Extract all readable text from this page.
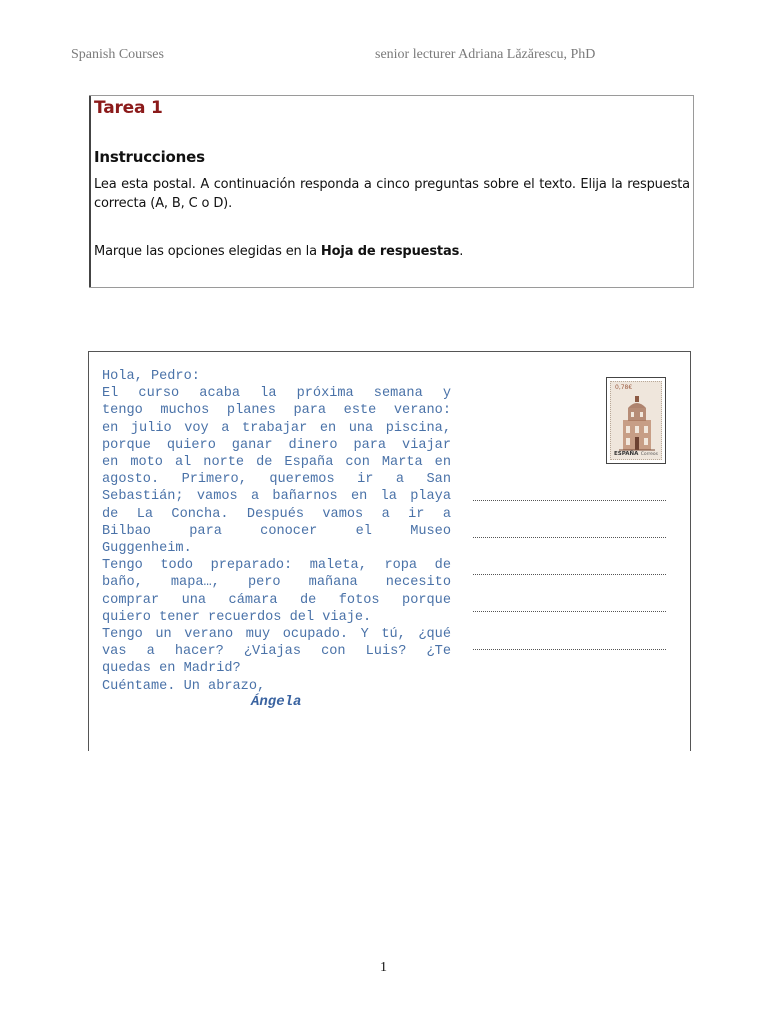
Spanish Courses	senior lecturer Adriana Lăzărescu, PhD
Tarea 1
Instrucciones
Lea esta postal. A continuación responda a cinco preguntas sobre el texto. Elija la respuesta correcta (A, B, C o D).
Marque las opciones elegidas en la Hoja de respuestas.
Hola, Pedro:
El curso acaba la próxima semana y
tengo muchos planes para este verano:
en julio voy a trabajar en una piscina,
porque quiero ganar dinero para viajar
en moto al norte de España con Marta en
agosto. Primero, queremos ir a San
Sebastián; vamos a bañarnos en la playa
de La Concha. Después vamos a ir a
Bilbao para conocer el Museo
Guggenheim.
Tengo todo preparado: maleta, ropa de
baño, mapa…, pero mañana necesito
comprar una cámara de fotos porque
quiero tener recuerdos del viaje.
Tengo un verano muy ocupado. Y tú, ¿qué
vas a hacer? ¿Viajas con Luis? ¿Te
quedas en Madrid?
Cuéntame. Un abrazo,
Ángela
0,78€
ESPAÑA Correos
1
